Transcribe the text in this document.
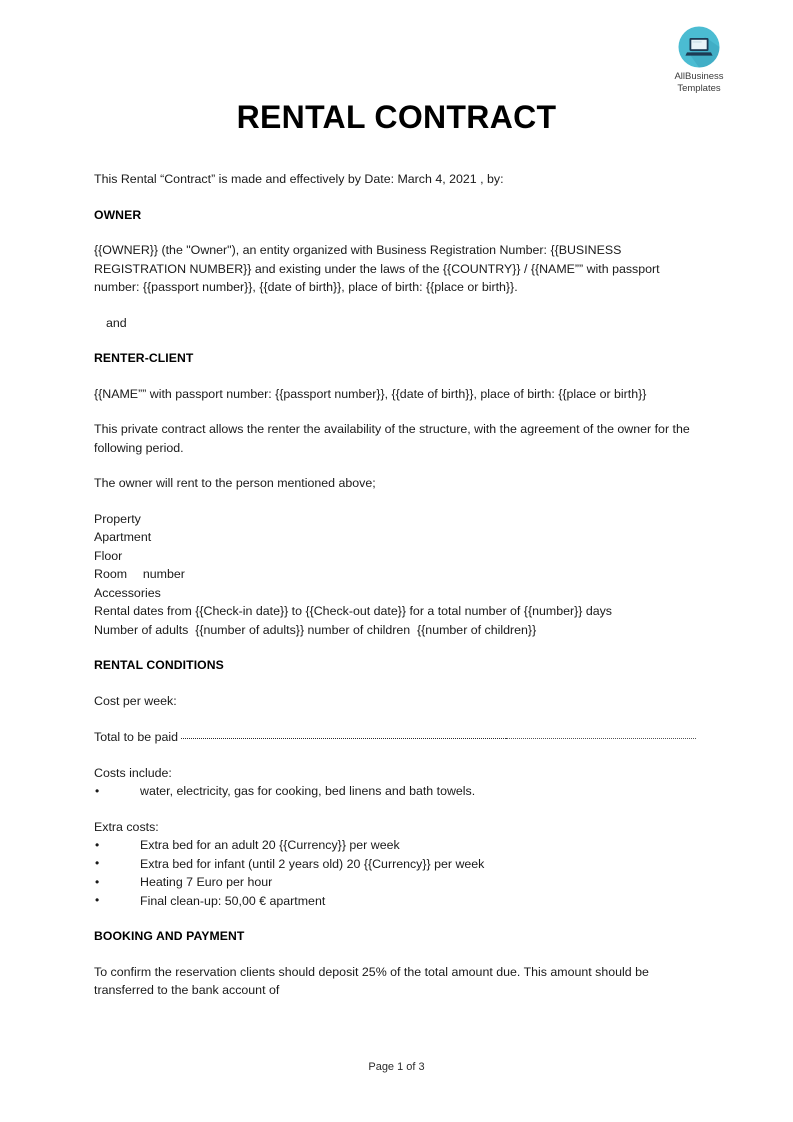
AllBusiness
Templates
RENTAL CONTRACT

This Rental “Contract” is made and effectively by Date: March 4, 2021 , by:

OWNER

{{OWNER}} (the "Owner"), an entity organized with Business Registration Number: {{BUSINESS REGISTRATION NUMBER}} and existing under the laws of the {{COUNTRY}} / {{NAME”” with passport number: {{passport number}}, {{date of birth}}, place of birth: {{place or birth}}.

and

RENTER-CLIENT

{{NAME”” with passport number: {{passport number}}, {{date of birth}}, place of birth: {{place or birth}}

This private contract allows the renter the availability of the structure, with the agreement of the owner for the following period.

The owner will rent to the person mentioned above;

Property
Apartment
Floor
Room  number
Accessories
Rental dates from {{Check-in date}} to {{Check-out date}} for a total number of {{number}} days
Number of adults  {{number of adults}} number of children  {{number of children}}

RENTAL CONDITIONS

Cost per week:

Total to be paid

Costs include:

•	water, electricity, gas for cooking, bed linens and bath towels.

Extra costs:

•	Extra bed for an adult 20 {{Currency}} per week
•	Extra bed for infant (until 2 years old) 20 {{Currency}} per week
•	Heating 7 Euro per hour
•	Final clean-up: 50,00 € apartment

BOOKING AND PAYMENT

To confirm the reservation clients should deposit 25% of the total amount due. This amount should be transferred to the bank account of

Page 1 of 3
